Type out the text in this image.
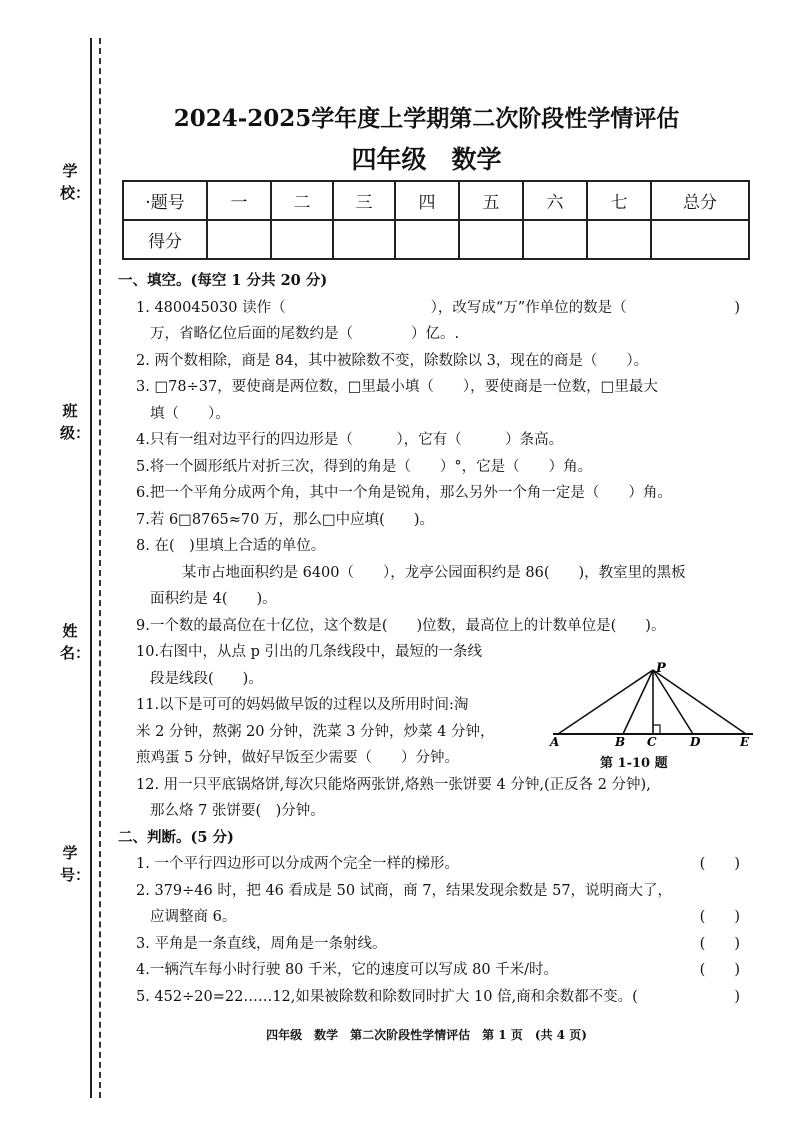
学校：
班级：
姓名：
学号：
2024-2025学年度上学期第二次阶段性学情评估
四年级　数学
·题号	一	二	三	四	五	六	七	总分
得分								
一、填空。(每空 1 分共 20 分)
1. 480045030 读作（　　　　　　　　　　），改写成“万”作单位的数是（	)
万，省略亿位后面的尾数约是（　　　　）亿。.
2. 两个数相除，商是 84，其中被除数不变，除数除以 3，现在的商是（　　）。
3. □78÷37，要使商是两位数，□里最小填（　　），要使商是一位数，□里最大
填（　　）。
4.只有一组对边平行的四边形是（　　　），它有（　　　）条高。
5.将一个圆形纸片对折三次，得到的角是（　　）°，它是（　　）角。
6.把一个平角分成两个角，其中一个角是锐角，那么另外一个角一定是（　　）角。
7.若 6□8765≈70 万，那么□中应填(　　)。
8. 在(　)里填上合适的单位。
某市占地面积约是 6400（　　），龙亭公园面积约是 86(　　)，教室里的黑板
面积约是 4(　　)。
9.一个数的最高位在十亿位，这个数是(　　)位数，最高位上的计数单位是(　　)。
10.右图中，从点 p 引出的几条线段中，最短的一条线
段是线段(　　)。
11.以下是可可的妈妈做早饭的过程以及所用时间:淘
米 2 分钟，熬粥 20 分钟，洗菜 3 分钟，炒菜 4 分钟，
煎鸡蛋 5 分钟，做好早饭至少需要（　　）分钟。
12. 用一只平底锅烙饼,每次只能烙两张饼,烙熟一张饼要 4 分钟,(正反各 2 分钟),
那么烙 7 张饼要(　)分钟。
二、判断。(5 分)
1. 一个平行四边形可以分成两个完全一样的梯形。	(　　)
2. 379÷46 时，把 46 看成是 50 试商，商 7，结果发现余数是 57，说明商大了，
应调整商 6。	(　　)
3. 平角是一条直线，周角是一条射线。	(　　)
4.一辆汽车每小时行驶 80 千米，它的速度可以写成 80 千米/时。	(　　)
5. 452÷20=22……12,如果被除数和除数同时扩大 10 倍,商和余数都不变。(	)
P
A	B C	D	E
第 1-10 题
四年级　数学　第二次阶段性学情评估　第 1 页　(共 4 页)
